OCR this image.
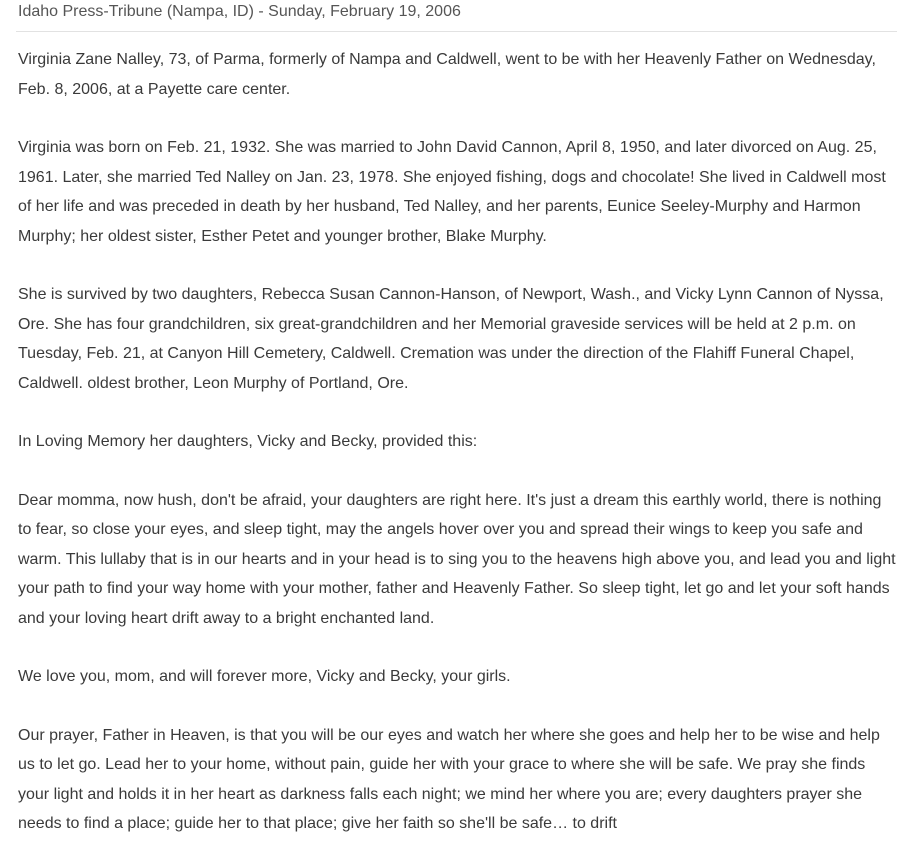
Idaho Press-Tribune (Nampa, ID) - Sunday, February 19, 2006

Virginia Zane Nalley, 73, of Parma, formerly of Nampa and Caldwell, went to be with her Heavenly Father on Wednesday, Feb. 8, 2006, at a Payette care center.

Virginia was born on Feb. 21, 1932. She was married to John David Cannon, April 8, 1950, and later divorced on Aug. 25, 1961. Later, she married Ted Nalley on Jan. 23, 1978. She enjoyed fishing, dogs and chocolate! She lived in Caldwell most of her life and was preceded in death by her husband, Ted Nalley, and her parents, Eunice Seeley-Murphy and Harmon Murphy; her oldest sister, Esther Petet and younger brother, Blake Murphy.

She is survived by two daughters, Rebecca Susan Cannon-Hanson, of Newport, Wash., and Vicky Lynn Cannon of Nyssa, Ore. She has four grandchildren, six great-grandchildren and her Memorial graveside services will be held at 2 p.m. on Tuesday, Feb. 21, at Canyon Hill Cemetery, Caldwell. Cremation was under the direction of the Flahiff Funeral Chapel, Caldwell. oldest brother, Leon Murphy of Portland, Ore.

In Loving Memory her daughters, Vicky and Becky, provided this:

Dear momma, now hush, don't be afraid, your daughters are right here. It's just a dream this earthly world, there is nothing to fear, so close your eyes, and sleep tight, may the angels hover over you and spread their wings to keep you safe and warm. This lullaby that is in our hearts and in your head is to sing you to the heavens high above you, and lead you and light your path to find your way home with your mother, father and Heavenly Father. So sleep tight, let go and let your soft hands and your loving heart drift away to a bright enchanted land.

We love you, mom, and will forever more, Vicky and Becky, your girls.

Our prayer, Father in Heaven, is that you will be our eyes and watch her where she goes and help her to be wise and help us to let go. Lead her to your home, without pain, guide her with your grace to where she will be safe. We pray she finds your light and holds it in her heart as darkness falls each night; we mind her where you are; every daughters prayer she needs to find a place; guide her to that place; give her faith so she'll be safe… to drift
